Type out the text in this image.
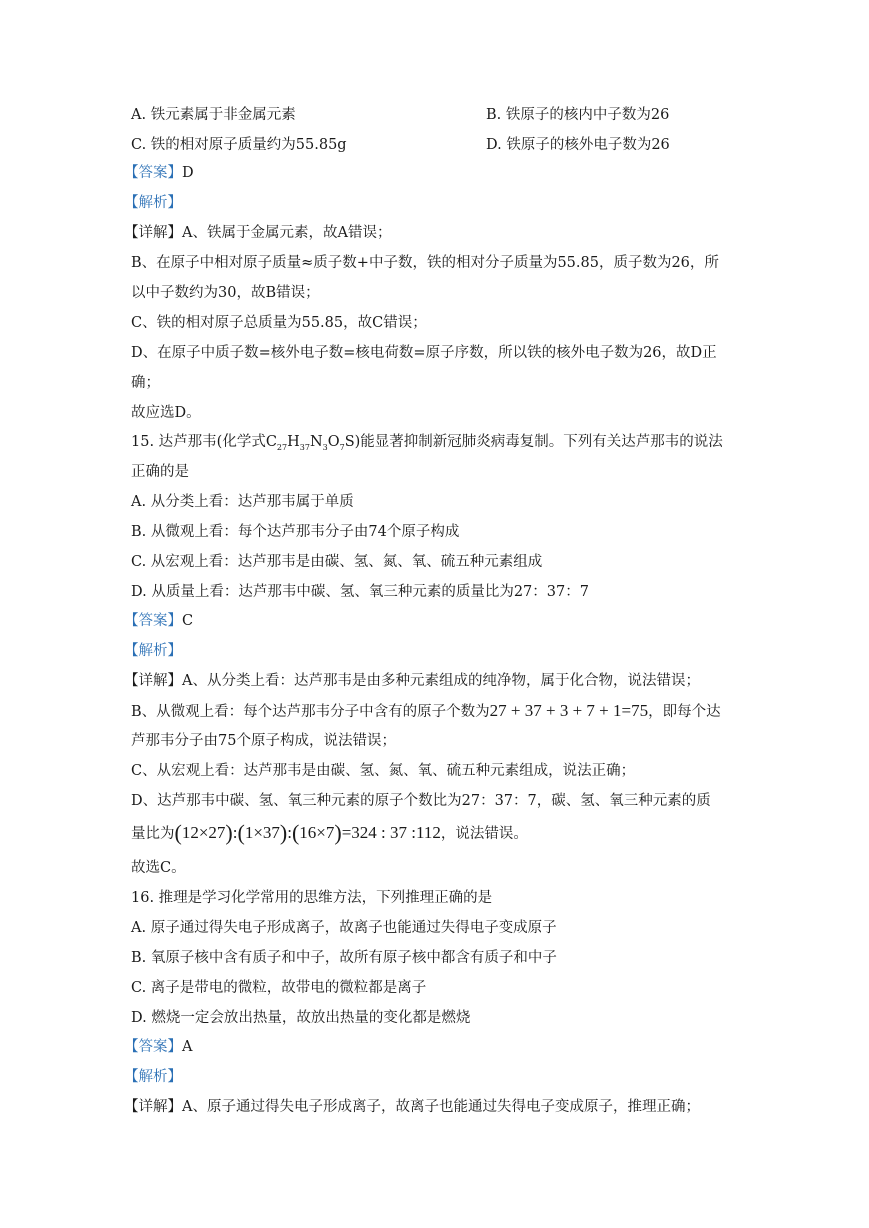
A. 铁元素属于非金属元素	B. 铁原子的核内中子数为26
C. 铁的相对原子质量约为55.85g	D. 铁原子的核外电子数为26
【答案】D
【解析】
【详解】A、铁属于金属元素，故A错误；
B、在原子中相对原子质量≈质子数+中子数，铁的相对分子质量为55.85，质子数为26，所
以中子数约为30，故B错误；
C、铁的相对原子总质量为55.85，故C错误；
D、在原子中质子数=核外电子数=核电荷数=原子序数，所以铁的核外电子数为26，故D正
确；
故应选D。
15. 达芦那韦(化学式$C_{27}H_{37}N_3O_7S$)能显著抑制新冠肺炎病毒复制。下列有关达芦那韦的说法
正确的是
A. 从分类上看：达芦那韦属于单质
B. 从微观上看：每个达芦那韦分子由74个原子构成
C. 从宏观上看：达芦那韦是由碳、氢、氮、氧、硫五种元素组成
D. 从质量上看：达芦那韦中碳、氢、氧三种元素的质量比为27：37：7
【答案】C
【解析】
【详解】A、从分类上看：达芦那韦是由多种元素组成的纯净物，属于化合物，说法错误；
B、从微观上看：每个达芦那韦分子中含有的原子个数为27 + 37 + 3 + 7 + 1=75，即每个达
芦那韦分子由75个原子构成，说法错误；
C、从宏观上看：达芦那韦是由碳、氢、氮、氧、硫五种元素组成，说法正确；
D、达芦那韦中碳、氢、氧三种元素的原子个数比为27：37：7，碳、氢、氧三种元素的质
量比为(12×27):(1×37):(16×7)=324 : 37 :112，说法错误。
故选C。
16. 推理是学习化学常用的思维方法，下列推理正确的是
A. 原子通过得失电子形成离子，故离子也能通过失得电子变成原子
B. 氧原子核中含有质子和中子，故所有原子核中都含有质子和中子
C. 离子是带电的微粒，故带电的微粒都是离子
D. 燃烧一定会放出热量，故放出热量的变化都是燃烧
【答案】A
【解析】
【详解】A、原子通过得失电子形成离子，故离子也能通过失得电子变成原子，推理正确；
